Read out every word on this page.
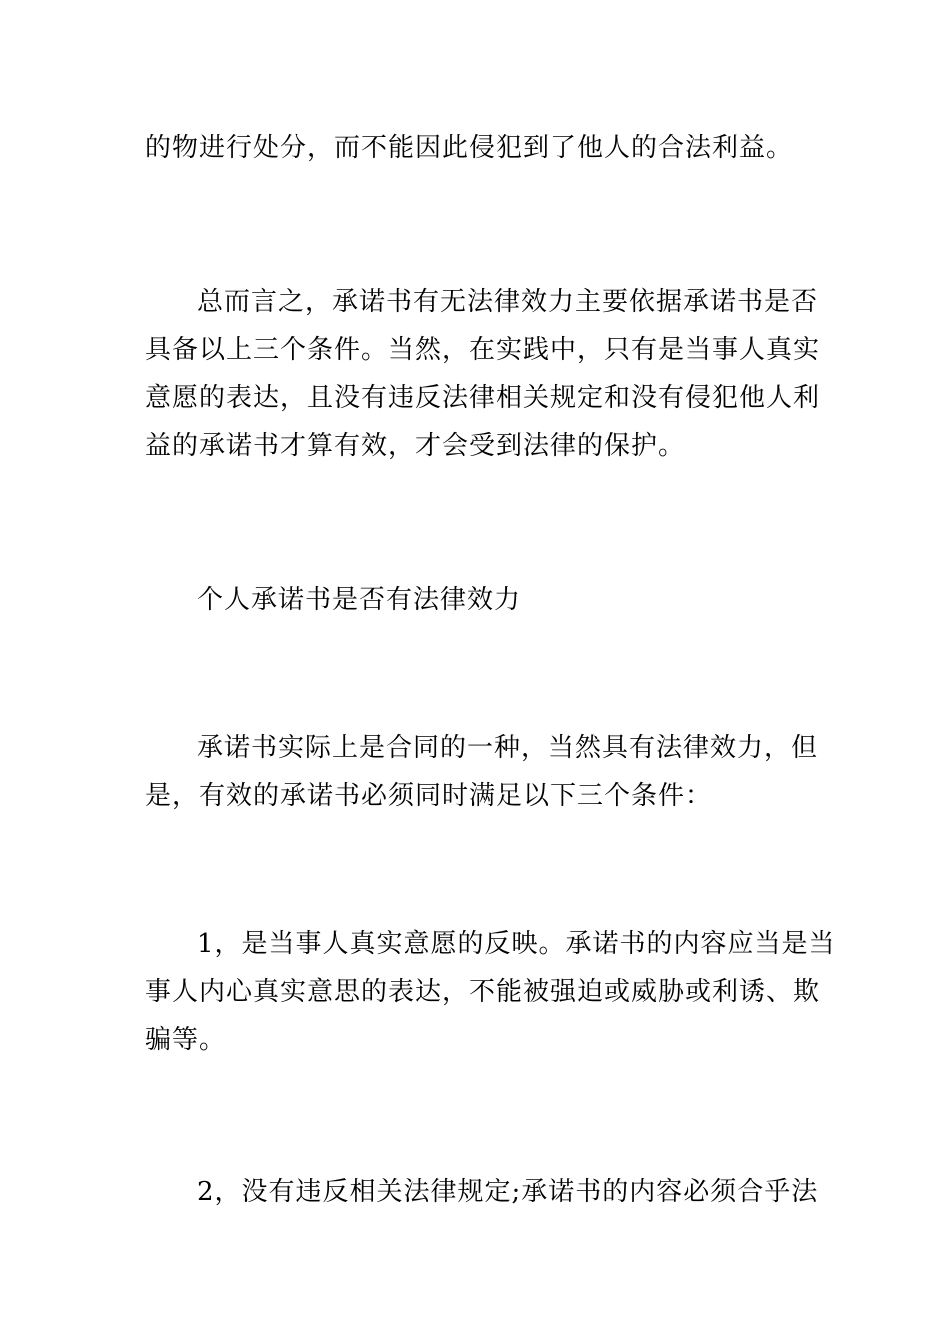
的物进行处分，而不能因此侵犯到了他人的合法利益。

总而言之，承诺书有无法律效力主要依据承诺书是否
具备以上三个条件。当然，在实践中，只有是当事人真实
意愿的表达，且没有违反法律相关规定和没有侵犯他人利
益的承诺书才算有效，才会受到法律的保护。

个人承诺书是否有法律效力

承诺书实际上是合同的一种，当然具有法律效力，但
是，有效的承诺书必须同时满足以下三个条件：

1，是当事人真实意愿的反映。承诺书的内容应当是当
事人内心真实意思的表达，不能被强迫或威胁或利诱、欺
骗等。

2，没有违反相关法律规定;承诺书的内容必须合乎法
